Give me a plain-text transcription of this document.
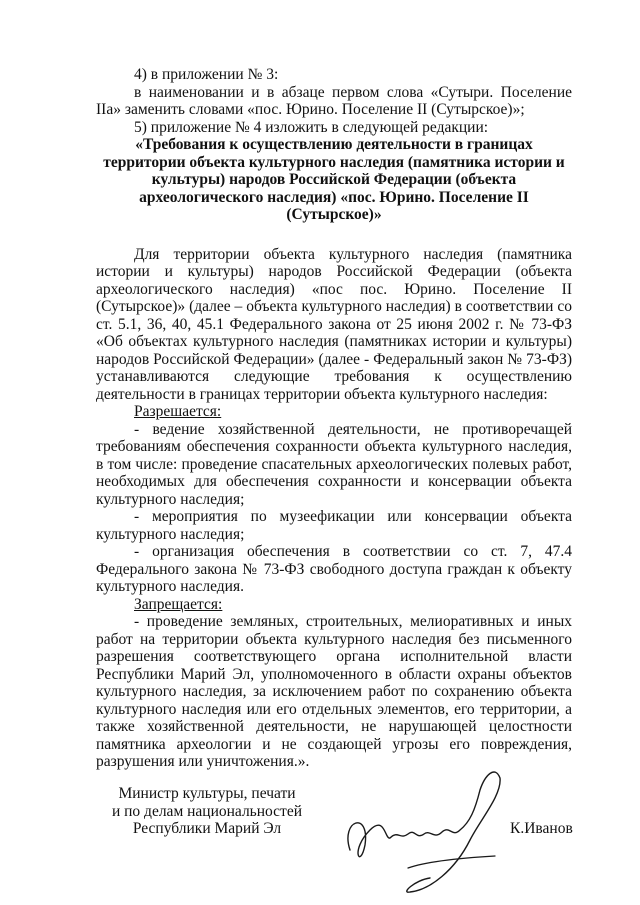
4) в приложении № 3:

в наименовании и в абзаце первом слова «Сутыри. Поселение IIа» заменить словами «пос. Юрино. Поселение II (Сутырское)»;

5) приложение № 4 изложить в следующей редакции:

«Требования к осуществлению деятельности в границах территории объекта культурного наследия (памятника истории и культуры) народов Российской Федерации (объекта археологического наследия) «пос. Юрино. Поселение II (Сутырское)»

Для территории объекта культурного наследия (памятника истории и культуры) народов Российской Федерации (объекта археологического наследия) «пос пос. Юрино. Поселение II (Сутырское)» (далее – объекта культурного наследия) в соответствии со ст. 5.1, 36, 40, 45.1 Федерального закона от 25 июня 2002 г. № 73-ФЗ «Об объектах культурного наследия (памятниках истории и культуры) народов Российской Федерации» (далее - Федеральный закон № 73-ФЗ) устанавливаются следующие требования к осуществлению деятельности в границах территории объекта культурного наследия:

Разрешается:

- ведение хозяйственной деятельности, не противоречащей требованиям обеспечения сохранности объекта культурного наследия, в том числе: проведение спасательных археологических полевых работ, необходимых для обеспечения сохранности и консервации объекта культурного наследия;

- мероприятия по музеефикации или консервации объекта культурного наследия;

- организация обеспечения в соответствии со ст. 7, 47.4 Федерального закона № 73-ФЗ свободного доступа граждан к объекту культурного наследия.

Запрещается:

- проведение земляных, строительных, мелиоративных и иных работ на территории объекта культурного наследия без письменного разрешения соответствующего органа исполнительной власти Республики Марий Эл, уполномоченного в области охраны объектов культурного наследия, за исключением работ по сохранению объекта культурного наследия или его отдельных элементов, его территории, а также хозяйственной деятельности, не нарушающей целостности памятника археологии и не создающей угрозы его повреждения, разрушения или уничтожения.».

Министр культуры, печати
и по делам национальностей
Республики Марий Эл	К.Иванов
